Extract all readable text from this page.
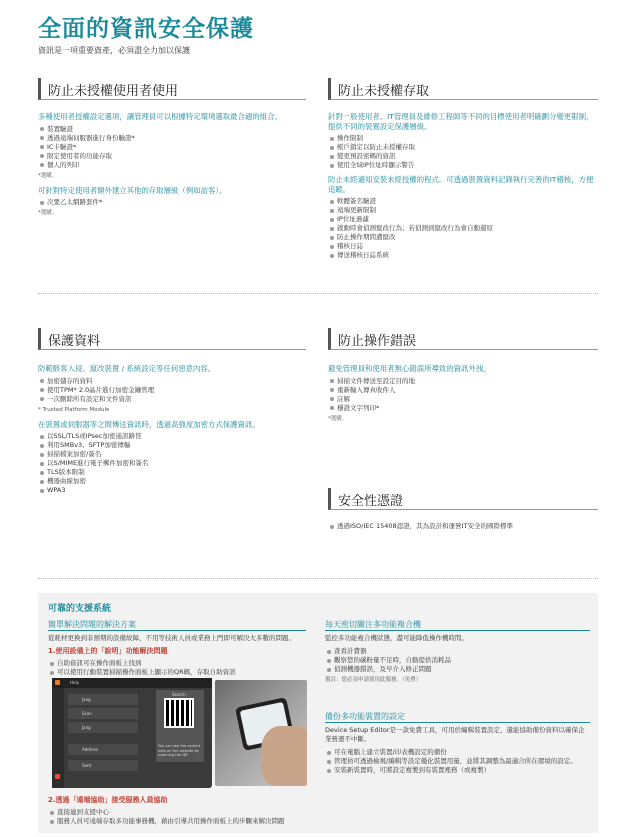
全面的資訊安全保護
資訊是一項重要資產，必須盡全力加以保護
防止未授權使用者使用
多種使用者授權設定選項，讓管理員可以根據特定環境選取最合適的組合。
裝置驗證
透過遠端伺服器進行身份驗證*
IC卡驗證*
限定使用者的功能存取
個人的列印
*選購。
可針對特定使用者額外建立其他的存取層級（例如訪客）。
次要乙太網路套件*
*選購。
防止未授權存取
針對一般使用者、IT管理員及維修工程師等不同的目標使用者明確劃分變更限制，提供不同的裝置設定保護層級。
操作限制
帳戶鎖定以防止未授權存取
變更預設密碼的資訊
使用全域IP位址時顯示警告
防止未經過知安裝未經授權的程式。可透過裝置資料記錄執行完善的IT稽核，方便追蹤。
軟體簽名驗證
遠端更新限制
IP位址過濾
啟動時會偵測竄改行為；若偵測到竄改行為會自動還原
防止操作期間遭竄改
稽核日誌
傳送稽核日誌系統
保護資料
防範駭客入侵、竄改裝置 / 系統設定等任何惡意內容。
加密儲存的資料
使用TPM* 2.0晶片進行加密金鑰管理
一次刪除所有設定和文件資訊
* Trusted Platform Module
在裝置或伺服器等之間傳送資訊時，透過高強度加密方式保護資訊。
以SSL/TLS或IPsec加密通訊路徑
利用SMBv3、SFTP加密傳輸
掃描檔案加密/簽名
以S/MIME進行電子郵件加密和簽名
TLS版本限制
機器曲線加密
WPA3
防止操作錯誤
避免管理員和使用者無心錯誤所導致的資訊外洩。
掃描文件傳送至設定目的地
重新輸入傳真收件人
註解
穩證文字列印*
*選購。
安全性憑證
透過ISO/IEC 15408認證，其為設計和運營IT安全的國際標準
可靠的支援系統
簡單解決問題的解決方案
從耗材更換到非預期的設備故障，不用等技術人員或業務上門即可解決大多數的問題。
1.使用設備上的「說明」功能解決問題
自助資訊可在操作面板上找到
可以使用行動裝置掃描操作面板上顯示的QR碼，存取自助資訊
Help
Jang
Scan
Jang
Address
Sent
Search
You can see the correct help on the website by scanning the QR
2.透過「遠端協助」接受服務人員協助
直接連到支援中心
服務人員可遠端存取多功能事務機，藉由引導共用操作面板上的步驟來解決問題
每天密切關注多功能複合機
監控多功能複合機狀態，盡可能降低操作機時間。
查看計費器
觀察您的碳粉量不足時，自動提供消耗品
偵測機器錯誤，及早介入修正問題
備註：您必須申請使用此服務。（免費）
備份多功能裝置的設定
Device Setup Editor是一款免費工具，可用於編輯裝置設定，還能協助備份資料以確保企業營運不中斷。
可在電腦上建立裝置/印表機設定的備份
管理員可透過檢視/編輯等設定優化裝置用量，並將其調整為最適合所在環境的設定。
安裝新裝置時，可將設定複製到有裝置裡務（或複製）
